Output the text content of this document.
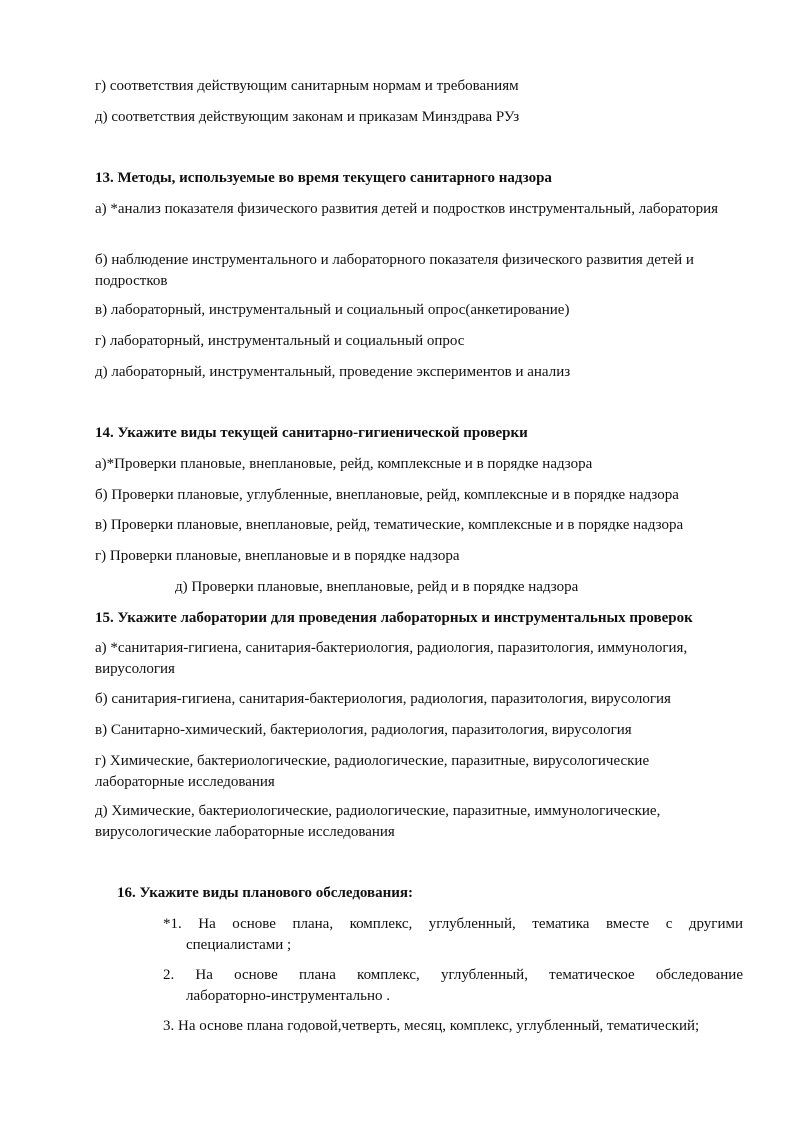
г) соответствия действующим санитарным нормам и требованиям

д) соответствия действующим законам и приказам Минздрава РУз

13. Методы, используемые во время текущего санитарного надзора

а) *анализ показателя физического развития детей и подростков инструментальный, лаборатория

б) наблюдение инструментального и лабораторного показателя физического развития детей и подростков

в) лабораторный, инструментальный и социальный опрос(анкетирование)

г) лабораторный, инструментальный и социальный опрос

д) лабораторный, инструментальный, проведение экспериментов и анализ

14. Укажите виды текущей санитарно-гигиенической проверки

а)*Проверки плановые, внеплановые, рейд, комплексные и в порядке надзора

б) Проверки плановые, углубленные, внеплановые, рейд, комплексные и в порядке надзора

в) Проверки плановые, внеплановые, рейд, тематические, комплексные и в порядке надзора

г) Проверки плановые, внеплановые и в порядке надзора

д) Проверки плановые, внеплановые, рейд и в порядке надзора

15. Укажите лаборатории для проведения лабораторных и инструментальных проверок

а) *санитария-гигиена, санитария-бактериология, радиология, паразитология, иммунология, вирусология

б) санитария-гигиена, санитария-бактериология, радиология, паразитология, вирусология

в) Санитарно-химический, бактериология, радиология, паразитология, вирусология

г) Химические, бактериологические, радиологические, паразитные, вирусологические лабораторные исследования

д) Химические, бактериологические, радиологические, паразитные, иммунологические, вирусологические лабораторные исследования

16. Укажите виды планового обследования:

*1. На основе плана, комплекс, углубленный, тематика вместе с другими
специалистами ;
2. На основе плана комплекс, углубленный, тематическое обследование
лабораторно-инструментально .

3. На основе плана годовой,четверть, месяц, комплекс, углубленный, тематический;
